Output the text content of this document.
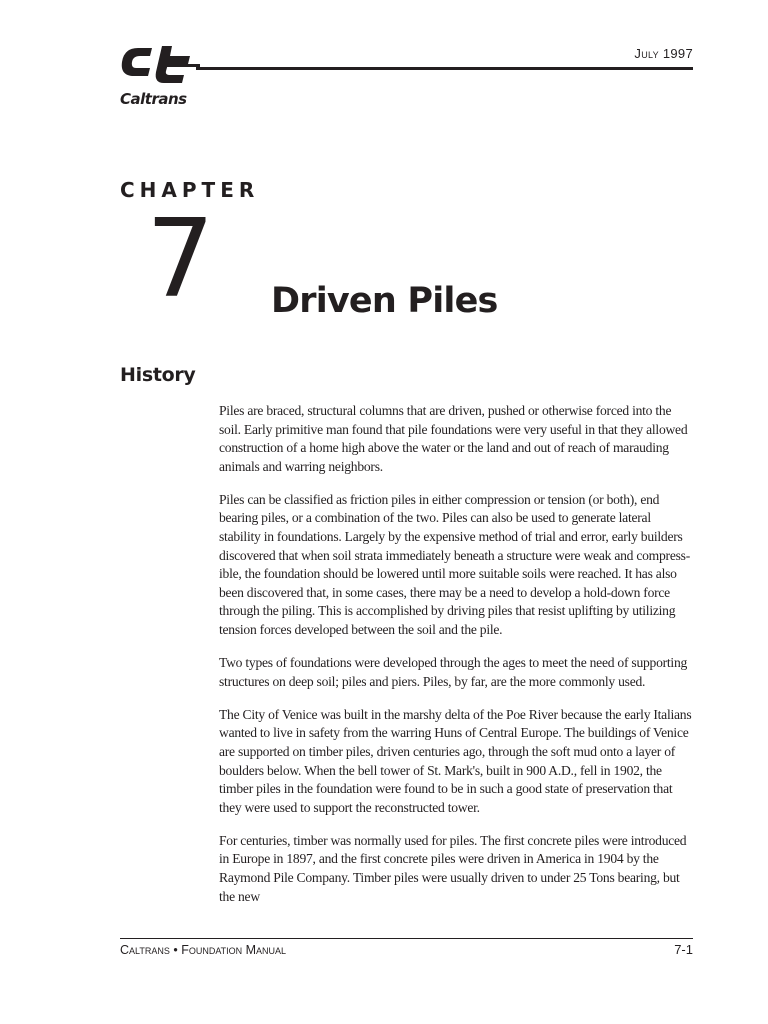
Caltrans
July 1997
CHAPTER
7 Driven Piles
History

Piles are braced, structural columns that are driven, pushed or otherwise forced into the soil. Early primitive man found that pile foundations were very useful in that they allowed construction of a home high above the water or the land and out of reach of marauding animals and warring neighbors.

Piles can be classified as friction piles in either compression or tension (or both), end bearing piles, or a combination of the two. Piles can also be used to generate lateral stability in foundations. Largely by the expensive method of trial and error, early builders discovered that when soil strata immediately beneath a structure were weak and compress-ible, the foundation should be lowered until more suitable soils were reached. It has also been discovered that, in some cases, there may be a need to develop a hold-down force through the piling. This is accomplished by driving piles that resist uplifting by utilizing tension forces developed between the soil and the pile.

Two types of foundations were developed through the ages to meet the need of supporting structures on deep soil; piles and piers. Piles, by far, are the more commonly used.

The City of Venice was built in the marshy delta of the Poe River because the early Italians wanted to live in safety from the warring Huns of Central Europe. The buildings of Venice are supported on timber piles, driven centuries ago, through the soft mud onto a layer of boulders below. When the bell tower of St. Mark's, built in 900 A.D., fell in 1902, the timber piles in the foundation were found to be in such a good state of preservation that they were used to support the reconstructed tower.

For centuries, timber was normally used for piles. The first concrete piles were introduced in Europe in 1897, and the first concrete piles were driven in America in 1904 by the Raymond Pile Company. Timber piles were usually driven to under 25 Tons bearing, but the new

Caltrans • Foundation Manual	7-1
